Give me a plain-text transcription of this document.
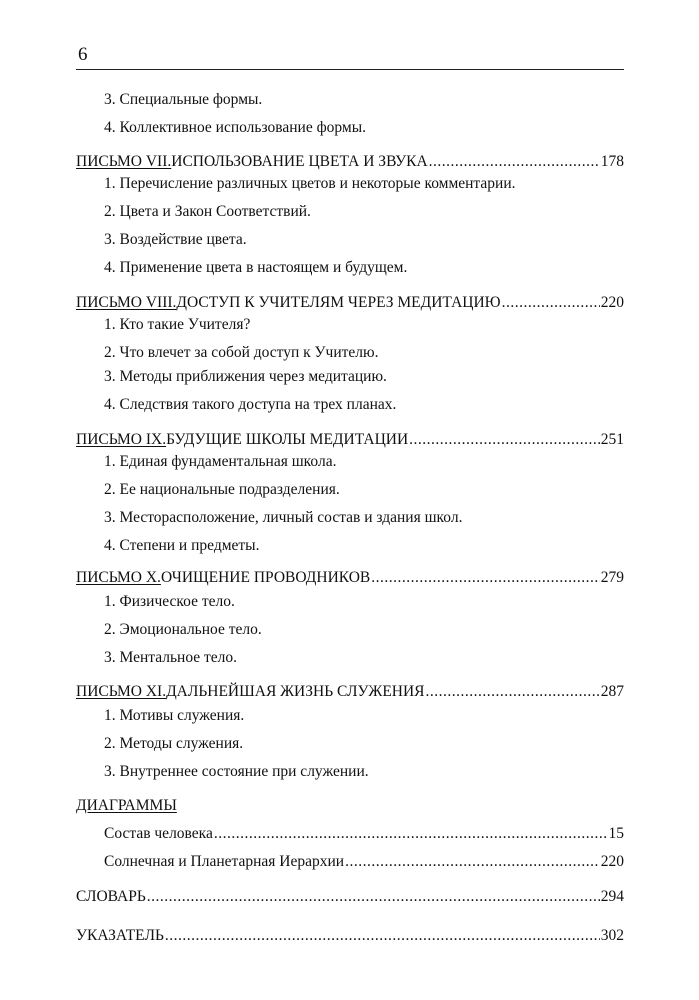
6
3. Специальные формы.
4. Коллективное использование формы.
ПИСЬМО VII. ИСПОЛЬЗОВАНИЕ ЦВЕТА И ЗВУКА .....	178
1. Перечисление различных цветов и некоторые комментарии.
2. Цвета и Закон Соответствий.
3. Воздействие цвета.
4. Применение цвета в настоящем и будущем.
ПИСЬМО VIII. ДОСТУП К УЧИТЕЛЯМ ЧЕРЕЗ МЕДИТАЦИЮ .....	220
1. Кто такие Учителя?
2. Что влечет за собой доступ к Учителю.
3. Методы приближения через медитацию.
4. Следствия такого доступа на трех планах.
ПИСЬМО IX. БУДУЩИЕ ШКОЛЫ МЕДИТАЦИИ .....	251
1. Единая фундаментальная школа.
2. Ее национальные подразделения.
3. Месторасположение, личный состав и здания школ.
4. Степени и предметы.
ПИСЬМО X. ОЧИЩЕНИЕ ПРОВОДНИКОВ .....	279
1. Физическое тело.
2. Эмоциональное тело.
3. Ментальное тело.
ПИСЬМО XI. ДАЛЬНЕЙШАЯ ЖИЗНЬ СЛУЖЕНИЯ .....	287
1. Мотивы служения.
2. Методы служения.
3. Внутреннее состояние при служении.
ДИАГРАММЫ
Состав человека .....	15
Солнечная и Планетарная Иерархии .....	220
СЛОВАРЬ .....	294
УКАЗАТЕЛЬ .....	302
